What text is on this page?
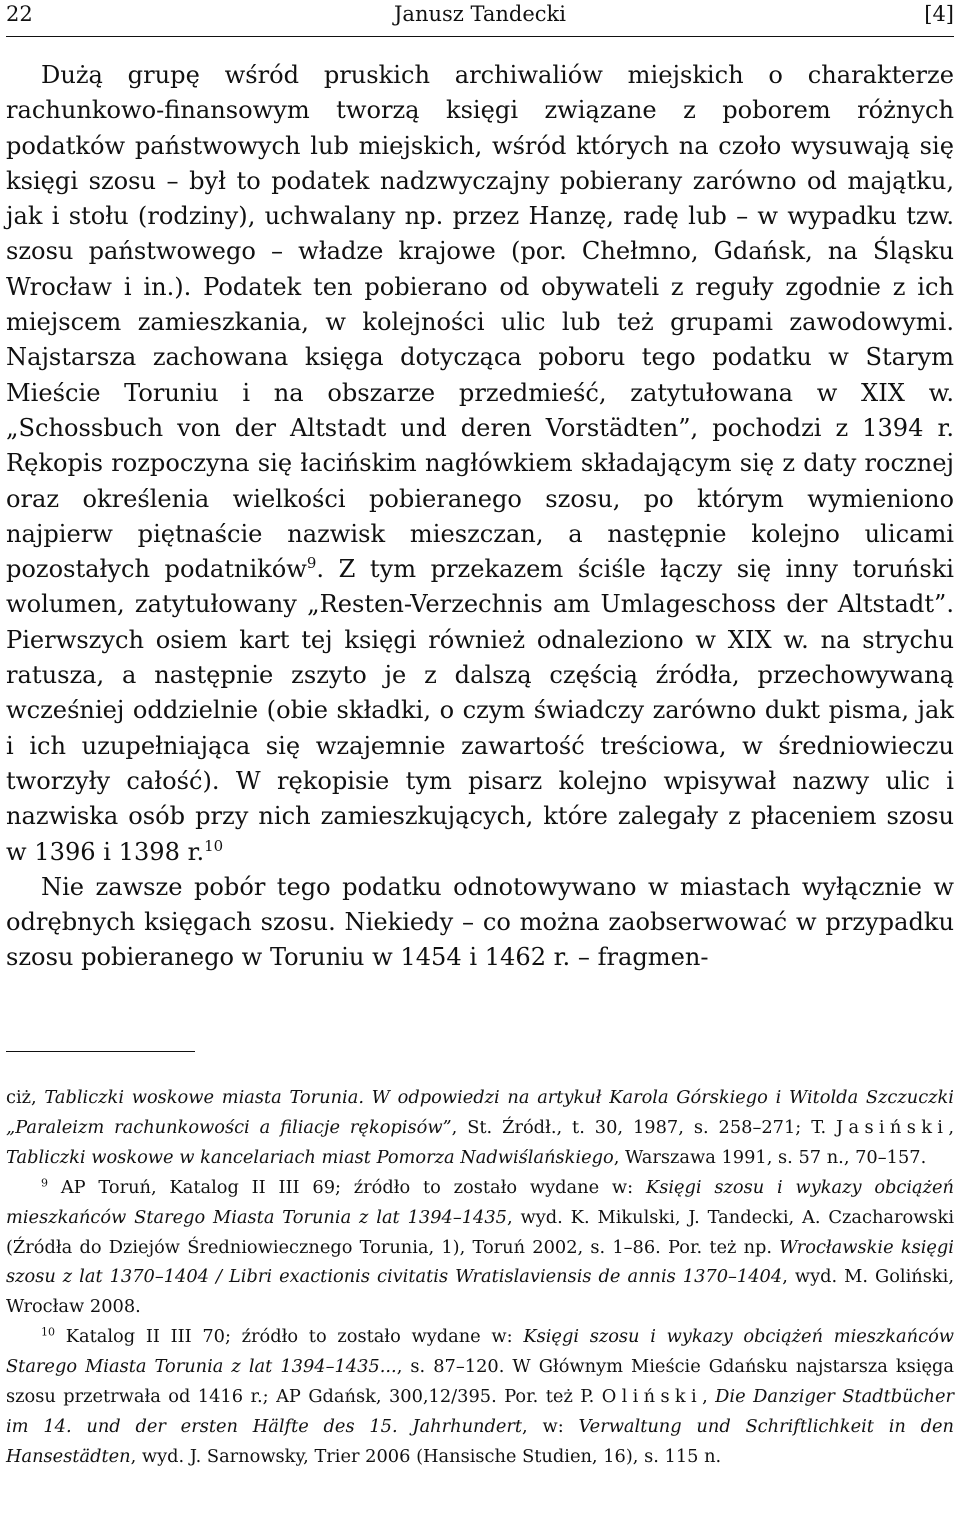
22	Janusz Tandecki	[4]

Dużą grupę wśród pruskich archiwaliów miejskich o charakterze rachunkowo-finansowym tworzą księgi związane z poborem różnych podatków państwowych lub miejskich, wśród których na czoło wysuwają się księgi szosu – był to podatek nadzwyczajny pobierany zarówno od majątku, jak i stołu (rodziny), uchwalany np. przez Hanzę, radę lub – w wypadku tzw. szosu państwowego – władze krajowe (por. Chełmno, Gdańsk, na Śląsku Wrocław i in.). Podatek ten pobierano od obywateli z reguły zgodnie z ich miejscem zamieszkania, w kolejności ulic lub też grupami zawodowymi. Najstarsza zachowana księga dotycząca poboru tego podatku w Starym Mieście Toruniu i na obszarze przedmieść, zatytułowana w XIX w. „Schossbuch von der Altstadt und deren Vorstädten”, pochodzi z 1394 r. Rękopis rozpoczyna się łacińskim nagłówkiem składającym się z daty rocznej oraz określenia wielkości pobieranego szosu, po którym wymieniono najpierw piętnaście nazwisk mieszczan, a następnie kolejno ulicami pozostałych podatników$^9$. Z tym przekazem ściśle łączy się inny toruński wolumen, zatytułowany „Resten-Verzechnis am Umlageschoss der Altstadt”. Pierwszych osiem kart tej księgi również odnaleziono w XIX w. na strychu ratusza, a następnie zszyto je z dalszą częścią źródła, przechowywaną wcześniej oddzielnie (obie składki, o czym świadczy zarówno dukt pisma, jak i ich uzupełniająca się wzajemnie zawartość treściowa, w średniowieczu tworzyły całość). W rękopisie tym pisarz kolejno wpisywał nazwy ulic i nazwiska osób przy nich zamieszkujących, które zalegały z płaceniem szosu w 1396 i 1398 r.$^{10}$

Nie zawsze pobór tego podatku odnotowywano w miastach wyłącznie w odrębnych księgach szosu. Niekiedy – co można zaobserwować w przypadku szosu pobieranego w Toruniu w 1454 i 1462 r. – fragmen-

ciż, Tabliczki woskowe miasta Torunia. W odpowiedzi na artykuł Karola Górskiego i Witolda Szczuczki „Paraleizm rachunkowości a filiacje rękopisów”, St. Źródł., t. 30, 1987, s. 258–271; T. Jasiński, Tabliczki woskowe w kancelariach miast Pomorza Nadwiślańskiego, Warszawa 1991, s. 57 n., 70–157.

$^9$ AP Toruń, Katalog II III 69; źródło to zostało wydane w: Księgi szosu i wykazy obciążeń mieszkańców Starego Miasta Torunia z lat 1394–1435, wyd. K. Mikulski, J. Tandecki, A. Czacharowski (Źródła do Dziejów Średniowiecznego Torunia, 1), Toruń 2002, s. 1–86. Por. też np. Wrocławskie księgi szosu z lat 1370–1404 / Libri exactionis civitatis Wratislaviensis de annis 1370–1404, wyd. M. Goliński, Wrocław 2008.

$^{10}$ Katalog II III 70; źródło to zostało wydane w: Księgi szosu i wykazy obciążeń mieszkańców Starego Miasta Torunia z lat 1394–1435..., s. 87–120. W Głównym Mieście Gdańsku najstarsza księga szosu przetrwała od 1416 r.; AP Gdańsk, 300,12/395. Por. też P. Oliński, Die Danziger Stadtbücher im 14. und der ersten Hälfte des 15. Jahrhundert, w: Verwaltung und Schriftlichkeit in den Hansestädten, wyd. J. Sarnowsky, Trier 2006 (Hansische Studien, 16), s. 115 n.
